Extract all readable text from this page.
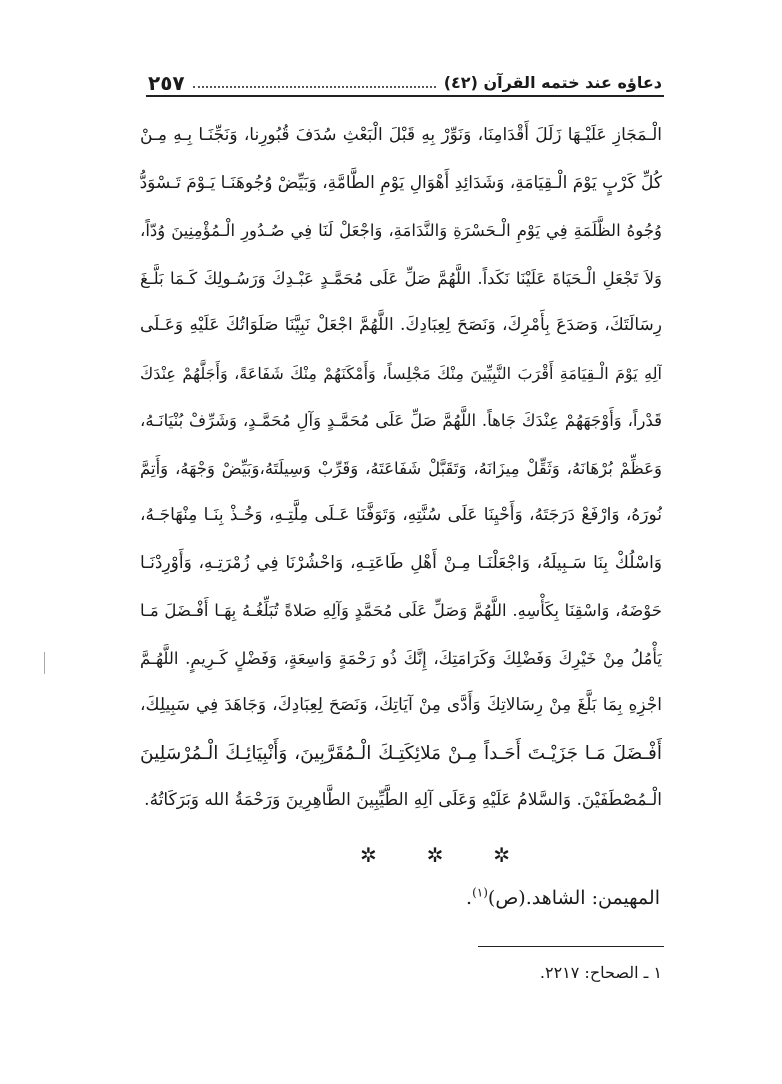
دعاؤه عند ختمه القرآن (٤٢)
٢٥٧
الْـمَجَازِ عَلَيْـهَا زَلَلَ أَقْدَامِنَا، وَنَوِّرْ بِهِ قَبْلَ الْبَعْثِ سُدَفَ قُبُورِنا، وَنَجِّنَـا بِـهِ مِـنْ
كُلِّ كَرْبٍ يَوْمَ الْـقِيَامَةِ، وَشَدَائِدِ أَهْوَالِ يَوْمِ الطَّامَّةِ، وَبَيِّضْ وُجُوهَنَـا يَـوْمَ تَـسْوَدُّ
وُجُوهُ الظَّلَمَةِ فِي يَوْمِ الْـحَسْرَةِ وَالنَّدَامَةِ، وَاجْعَلْ لَنَا فِي صُـدُورِ الْـمُؤْمِنِينَ وُدّاً،
وَلاَ تَجْعَلِ الْـحَيَاةَ عَلَيْنَا نَكَداً. اللَّهُمَّ صَلِّ عَلَى مُحَمَّـدٍ عَبْـدِكَ وَرَسُـولِكَ كَـمَا بَلَّـغَ
رِسَالَتَكَ، وَصَدَعَ بِأَمْرِكَ، وَنَصَحَ لِعِبَادِكَ. اللَّهُمَّ اجْعَلْ نَبِيَّنَا صَلَوَاتُكَ عَلَيْهِ وَعَـلَى
آلِهِ يَوْمَ الْـقِيَامَةِ أَقْرَبَ النَّبِيِّينَ مِنْكَ مَجْلِساً، وَأَمْكَنَهُمْ مِنْكَ شَفَاعَةً، وَأَجَلَّهُمْ عِنْدَكَ
قَدْراً، وَأَوْجَهَهُمْ عِنْدَكَ جَاهاً. اللَّهُمَّ صَلِّ عَلَى مُحَمَّـدٍ وَآلِ مُحَمَّـدٍ، وَشَرِّفْ بُنْيَانَـهُ،
وَعَظِّمْ بُرْهَانَهُ، وَثَقِّلْ مِيزَانَهُ، وَتَقَبَّلْ شَفَاعَتَهُ، وَقَرِّبْ وَسِيلَتَهُ،وَبَيِّضْ وَجْهَهُ، وَأَتِمَّ
نُورَهُ، وَارْفَعْ دَرَجَتَهُ، وَأَحْيِنَا عَلَى سُنَّتِهِ، وَتَوَفَّنَا عَـلَى مِلَّتِـهِ، وَخُـذْ بِنَـا مِنْهَاجَـهُ،
وَاسْلُكْ بِنَا سَـبِيلَهُ، وَاجْعَلْنَـا مِـنْ أَهْلِ طَاعَتِـهِ، وَاحْشُرْنَا فِي زُمْرَتِـهِ، وَأَوْرِدْنَـا
حَوْضَهُ، وَاسْقِنَا بِكَأْسِهِ. اللَّهُمَّ وَصَلِّ عَلَى مُحَمَّدٍ وَآلِهِ صَلاةً تُبَلِّغُـهُ بِهَـا أَفْـضَلَ مَـا
يَأْمُلُ مِنْ خَيْرِكَ وَفَضْلِكَ وَكَرَامَتِكَ، إِنَّكَ ذُو رَحْمَةٍ وَاسِعَةٍ، وَفَضْلٍ كَـرِيمٍ. اللَّهُـمَّ
اجْزِهِ بِمَا بَلَّغَ مِنْ رِسَالاتِكَ وَأَدَّى مِنْ آيَاتِكَ، وَنَصَحَ لِعِبَادِكَ، وَجَاهَدَ فِي سَبِيلِكَ،
أَفْـضَلَ مَـا جَزَيْـتَ أَحَـداً مِـنْ مَلائِكَتِـكَ الْـمُقَرَّبِينَ، وَأَنْبِيَائِـكَ الْـمُرْسَلِينَ
الْـمُصْطَفَيْنَ. وَالسَّلامُ عَلَيْهِ وَعَلَى آلِهِ الطَّيِّبِينَ الطَّاهِرِينَ وَرَحْمَةُ الله وَبَرَكَاتُهُ.
✲ ✲ ✲
المهيمن: الشاهد.(ص)$^{(١)}$.
١ ـ الصحاح: ٢٢١٧.
